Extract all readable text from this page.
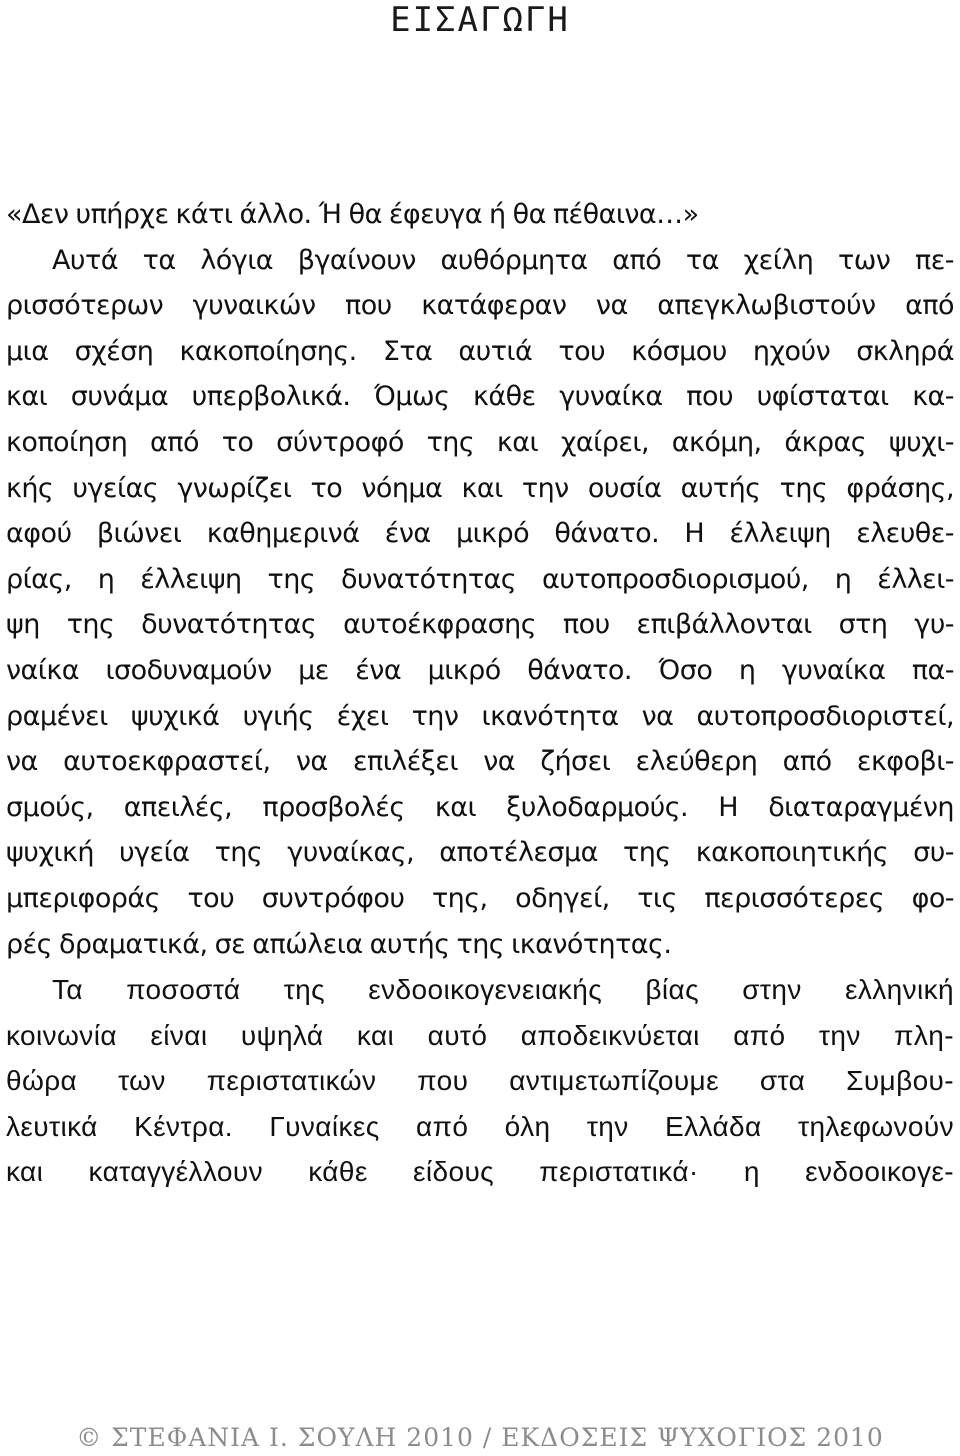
ΕΙΣΑΓΩΓΗ
«Δεν υπήρχε κάτι άλλο. Ή θα έφευγα ή θα πέθαινα…»
Αυτά τα λόγια βγαίνουν αυθόρμητα από τα χείλη των πε-
ρισσότερων γυναικών που κατάφεραν να απεγκλωβιστούν από
μια σχέση κακοποίησης. Στα αυτιά του κόσμου ηχούν σκληρά
και συνάμα υπερβολικά. Όμως κάθε γυναίκα που υφίσταται κα-
κοποίηση από το σύντροφό της και χαίρει, ακόμη, άκρας ψυχι-
κής υγείας γνωρίζει το νόημα και την ουσία αυτής της φράσης,
αφού βιώνει καθημερινά ένα μικρό θάνατο. Η έλλειψη ελευθε-
ρίας, η έλλειψη της δυνατότητας αυτοπροσδιορισμού, η έλλει-
ψη της δυνατότητας αυτοέκφρασης που επιβάλλονται στη γυ-
ναίκα ισοδυναμούν με ένα μικρό θάνατο. Όσο η γυναίκα πα-
ραμένει ψυχικά υγιής έχει την ικανότητα να αυτοπροσδιοριστεί,
να αυτοεκφραστεί, να επιλέξει να ζήσει ελεύθερη από εκφοβι-
σμούς, απειλές, προσβολές και ξυλοδαρμούς. Η διαταραγμένη
ψυχική υγεία της γυναίκας, αποτέλεσμα της κακοποιητικής συ-
μπεριφοράς του συντρόφου της, οδηγεί, τις περισσότερες φο-
ρές δραματικά, σε απώλεια αυτής της ικανότητας.
Τα ποσοστά της ενδοοικογενειακής βίας στην ελληνική
κοινωνία είναι υψηλά και αυτό αποδεικνύεται από την πλη-
θώρα των περιστατικών που αντιμετωπίζουμε στα Συμβου-
λευτικά Κέντρα. Γυναίκες από όλη την Ελλάδα τηλεφωνούν
και καταγγέλλουν κάθε είδους περιστατικά· η ενδοοικογε-
© ΣΤΕΦΑΝΙΑ Ι. ΣΟΥΛΗ 2010 / ΕΚΔΟΣΕΙΣ ΨΥΧΟΓΙΟΣ 2010
